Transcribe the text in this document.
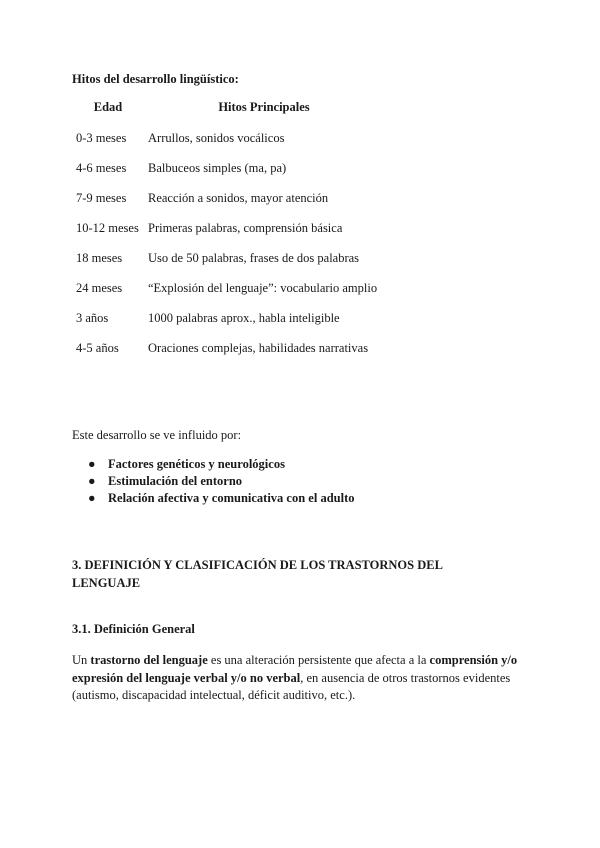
Hitos del desarrollo lingüístico:
Edad	Hitos Principales
0-3 meses	Arrullos, sonidos vocálicos
4-6 meses	Balbuceos simples (ma, pa)
7-9 meses	Reacción a sonidos, mayor atención
10-12 meses	Primeras palabras, comprensión básica
18 meses	Uso de 50 palabras, frases de dos palabras
24 meses	“Explosión del lenguaje”: vocabulario amplio
3 años	1000 palabras aprox., habla inteligible
4-5 años	Oraciones complejas, habilidades narrativas
Este desarrollo se ve influido por:
● Factores genéticos y neurológicos
● Estimulación del entorno
● Relación afectiva y comunicativa con el adulto
3. DEFINICIÓN Y CLASIFICACIÓN DE LOS TRASTORNOS DEL LENGUAJE
3.1. Definición General
Un trastorno del lenguaje es una alteración persistente que afecta a la comprensión y/o expresión del lenguaje verbal y/o no verbal, en ausencia de otros trastornos evidentes (autismo, discapacidad intelectual, déficit auditivo, etc.).
